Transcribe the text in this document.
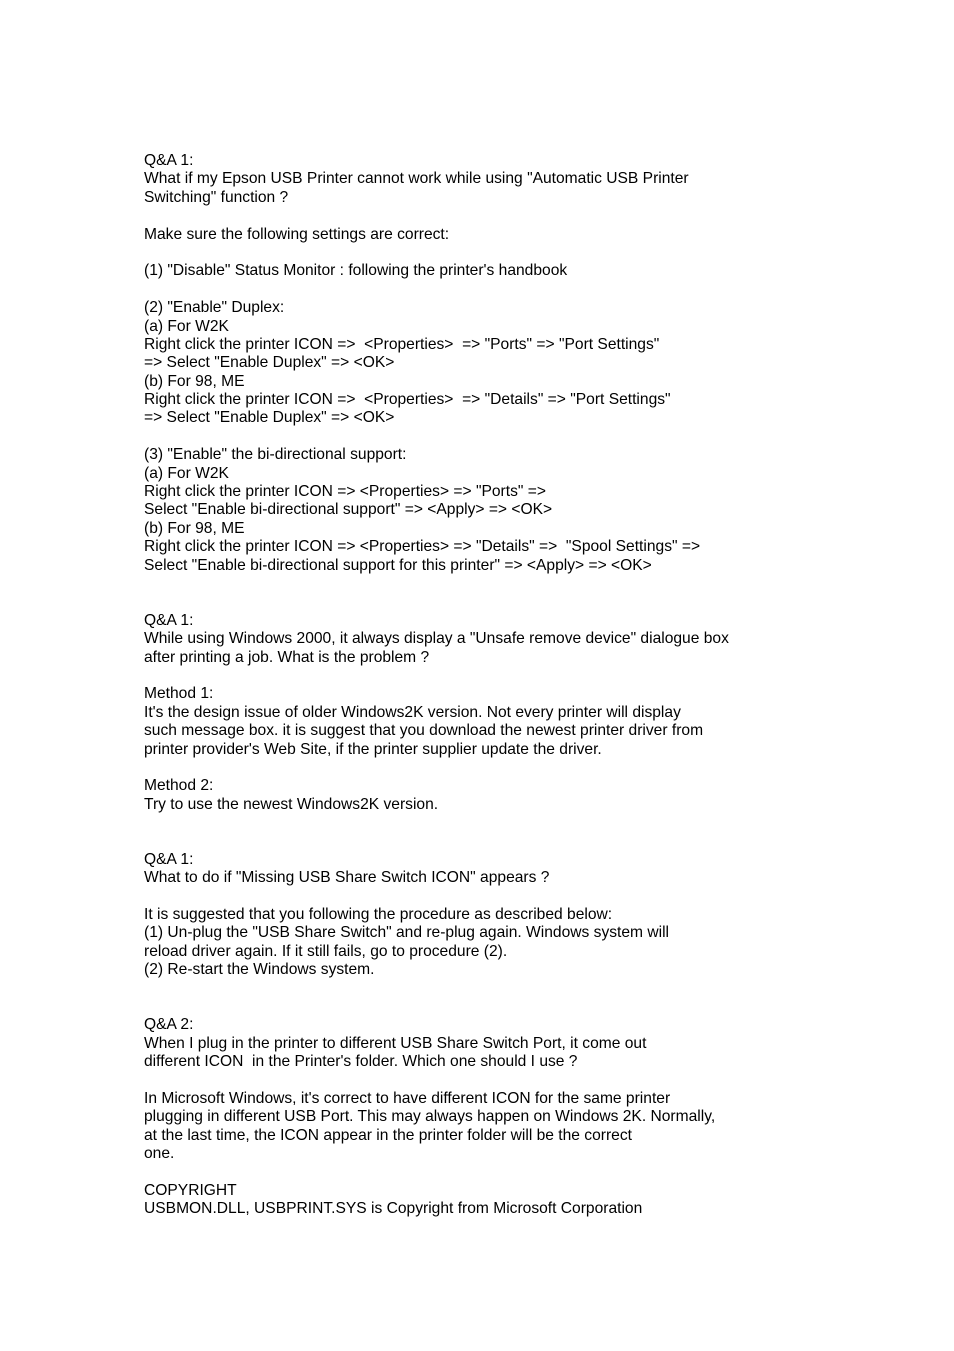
Q&A 1:
What if my Epson USB Printer cannot work while using "Automatic USB Printer
Switching" function ?
Make sure the following settings are correct:
(1) "Disable" Status Monitor : following the printer's handbook
(2) "Enable" Duplex:
(a) For W2K
Right click the printer ICON =>  <Properties>  => "Ports" => "Port Settings"
=> Select "Enable Duplex" => <OK>
(b) For 98, ME
Right click the printer ICON =>  <Properties>  => "Details" => "Port Settings"
=> Select "Enable Duplex" => <OK>
(3) "Enable" the bi-directional support:
(a) For W2K
Right click the printer ICON => <Properties> => "Ports" =>
Select "Enable bi-directional support" => <Apply> => <OK>
(b) For 98, ME
Right click the printer ICON => <Properties> => "Details" =>  "Spool Settings" =>
Select "Enable bi-directional support for this printer" => <Apply> => <OK>
Q&A 1:
While using Windows 2000, it always display a "Unsafe remove device" dialogue box
after printing a job. What is the problem ?
Method 1:
It's the design issue of older Windows2K version. Not every printer will display
such message box. it is suggest that you download the newest printer driver from
printer provider's Web Site, if the printer supplier update the driver.
Method 2:
Try to use the newest Windows2K version.
Q&A 1:
What to do if "Missing USB Share Switch ICON" appears ?
It is suggested that you following the procedure as described below:
(1) Un-plug the "USB Share Switch" and re-plug again. Windows system will
reload driver again. If it still fails, go to procedure (2).
(2) Re-start the Windows system.
Q&A 2:
When I plug in the printer to different USB Share Switch Port, it come out
different ICON  in the Printer's folder. Which one should I use ?
In Microsoft Windows, it's correct to have different ICON for the same printer
plugging in different USB Port. This may always happen on Windows 2K. Normally,
at the last time, the ICON appear in the printer folder will be the correct
one.
COPYRIGHT
USBMON.DLL, USBPRINT.SYS is Copyright from Microsoft Corporation
